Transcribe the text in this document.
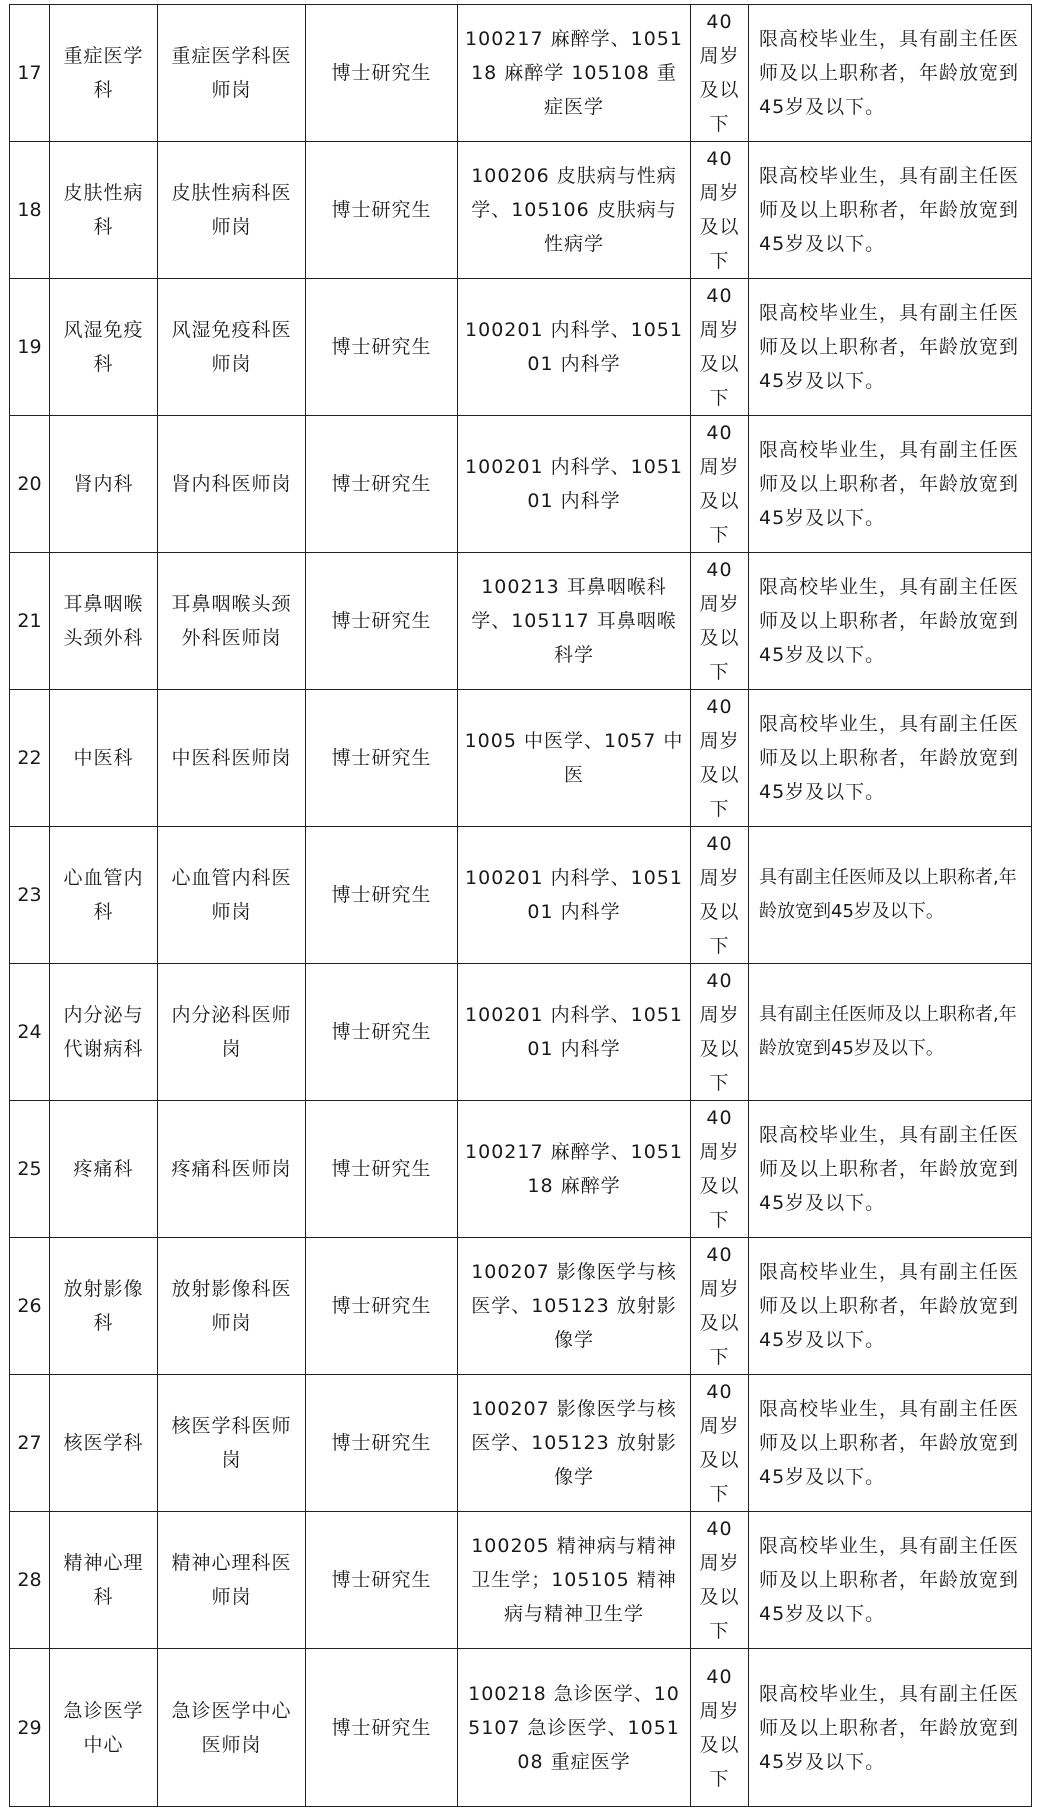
17	重症医学科	重症医学科医师岗	博士研究生	100217 麻醉学、105118 麻醉学 105108 重症医学	40周岁及以下	限高校毕业生，具有副主任医师及以上职称者，年龄放宽到45岁及以下。
18	皮肤性病科	皮肤性病科医师岗	博士研究生	100206 皮肤病与性病学、105106 皮肤病与性病学	40周岁及以下	限高校毕业生，具有副主任医师及以上职称者，年龄放宽到45岁及以下。
19	风湿免疫科	风湿免疫科医师岗	博士研究生	100201 内科学、105101 内科学	40周岁及以下	限高校毕业生，具有副主任医师及以上职称者，年龄放宽到45岁及以下。
20	肾内科	肾内科医师岗	博士研究生	100201 内科学、105101 内科学	40周岁及以下	限高校毕业生，具有副主任医师及以上职称者，年龄放宽到45岁及以下。
21	耳鼻咽喉头颈外科	耳鼻咽喉头颈外科医师岗	博士研究生	100213 耳鼻咽喉科学、105117 耳鼻咽喉科学	40周岁及以下	限高校毕业生，具有副主任医师及以上职称者，年龄放宽到45岁及以下。
22	中医科	中医科医师岗	博士研究生	1005 中医学、1057 中医	40周岁及以下	限高校毕业生，具有副主任医师及以上职称者，年龄放宽到45岁及以下。
23	心血管内科	心血管内科医师岗	博士研究生	100201 内科学、105101 内科学	40周岁及以下	具有副主任医师及以上职称者,年龄放宽到45岁及以下。
24	内分泌与代谢病科	内分泌科医师岗	博士研究生	100201 内科学、105101 内科学	40周岁及以下	具有副主任医师及以上职称者,年龄放宽到45岁及以下。
25	疼痛科	疼痛科医师岗	博士研究生	100217 麻醉学、105118 麻醉学	40周岁及以下	限高校毕业生，具有副主任医师及以上职称者，年龄放宽到45岁及以下。
26	放射影像科	放射影像科医师岗	博士研究生	100207 影像医学与核医学、105123 放射影像学	40周岁及以下	限高校毕业生，具有副主任医师及以上职称者，年龄放宽到45岁及以下。
27	核医学科	核医学科医师岗	博士研究生	100207 影像医学与核医学、105123 放射影像学	40周岁及以下	限高校毕业生，具有副主任医师及以上职称者，年龄放宽到45岁及以下。
28	精神心理科	精神心理科医师岗	博士研究生	100205 精神病与精神卫生学；105105 精神病与精神卫生学	40周岁及以下	限高校毕业生，具有副主任医师及以上职称者，年龄放宽到45岁及以下。
29	急诊医学中心	急诊医学中心医师岗	博士研究生	100218 急诊医学、105107 急诊医学、105108 重症医学	40周岁及以下	限高校毕业生，具有副主任医师及以上职称者，年龄放宽到45岁及以下。
